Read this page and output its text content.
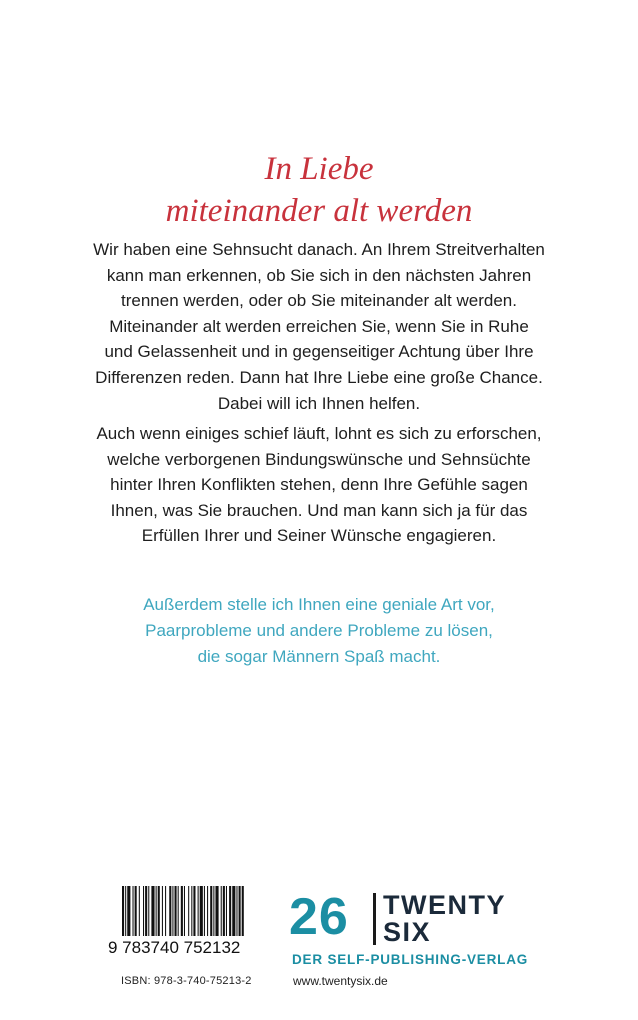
In Liebe
miteinander alt werden
Wir haben eine Sehnsucht danach. An Ihrem Streitverhalten
kann man erkennen, ob Sie sich in den nächsten Jahren
trennen werden, oder ob Sie miteinander alt werden.
Miteinander alt werden erreichen Sie, wenn Sie in Ruhe
und Gelassenheit und in gegenseitiger Achtung über Ihre
Differenzen reden. Dann hat Ihre Liebe eine große Chance.
Dabei will ich Ihnen helfen.
Auch wenn einiges schief läuft, lohnt es sich zu erforschen,
welche verborgenen Bindungswünsche und Sehnsüchte
hinter Ihren Konflikten stehen, denn Ihre Gefühle sagen
Ihnen, was Sie brauchen. Und man kann sich ja für das
Erfüllen Ihrer und Seiner Wünsche engagieren.
Außerdem stelle ich Ihnen eine geniale Art vor,
Paarprobleme und andere Probleme zu lösen,
die sogar Männern Spaß macht.
9 783740 752132
ISBN: 978-3-740-75213-2
26 TWENTY
SIX
DER SELF-PUBLISHING-VERLAG
www.twentysix.de
